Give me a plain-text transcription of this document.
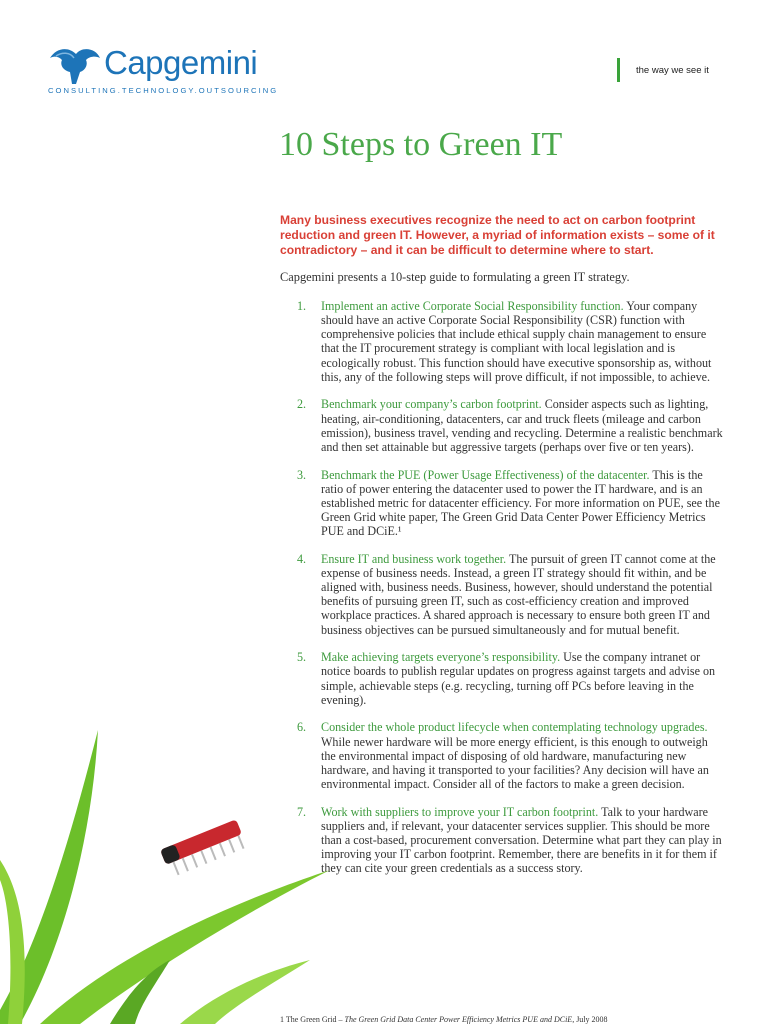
Capgemini
CONSULTING.TECHNOLOGY.OUTSOURCING
the way we see it
10 Steps to Green IT
Many business executives recognize the need to act on carbon footprint reduction and green IT. However, a myriad of information exists – some of it contradictory – and it can be difficult to determine where to start.
Capgemini presents a 10-step guide to formulating a green IT strategy.
1. Implement an active Corporate Social Responsibility function. Your company should have an active Corporate Social Responsibility (CSR) function with comprehensive policies that include ethical supply chain management to ensure that the IT procurement strategy is compliant with local legislation and is ecologically robust. This function should have executive sponsorship as, without this, any of the following steps will prove difficult, if not impossible, to achieve.
2. Benchmark your company’s carbon footprint. Consider aspects such as lighting, heating, air-conditioning, datacenters, car and truck fleets (mileage and carbon emission), business travel, vending and recycling. Determine a realistic benchmark and then set attainable but aggressive targets (perhaps over five or ten years).
3. Benchmark the PUE (Power Usage Effectiveness) of the datacenter. This is the ratio of power entering the datacenter used to power the IT hardware, and is an established metric for datacenter efficiency. For more information on PUE, see the Green Grid white paper, The Green Grid Data Center Power Efficiency Metrics PUE and DCiE.¹
4. Ensure IT and business work together. The pursuit of green IT cannot come at the expense of business needs. Instead, a green IT strategy should fit within, and be aligned with, business needs. Business, however, should understand the potential benefits of pursuing green IT, such as cost-efficiency creation and improved workplace practices. A shared approach is necessary to ensure both green IT and business objectives can be pursued simultaneously and for mutual benefit.
5. Make achieving targets everyone’s responsibility. Use the company intranet or notice boards to publish regular updates on progress against targets and advise on simple, achievable steps (e.g. recycling, turning off PCs before leaving in the evening).
6. Consider the whole product lifecycle when contemplating technology upgrades. While newer hardware will be more energy efficient, is this enough to outweigh the environmental impact of disposing of old hardware, manufacturing new hardware, and having it transported to your facilities? Any decision will have an environmental impact. Consider all of the factors to make a green decision.
7. Work with suppliers to improve your IT carbon footprint. Talk to your hardware suppliers and, if relevant, your datacenter services supplier. This should be more than a cost-based, procurement conversation. Determine what part they can play in improving your IT carbon footprint. Remember, there are benefits in it for them if they can cite your green credentials as a success story.
1 The Green Grid – The Green Grid Data Center Power Efficiency Metrics PUE and DCiE, July 2008
